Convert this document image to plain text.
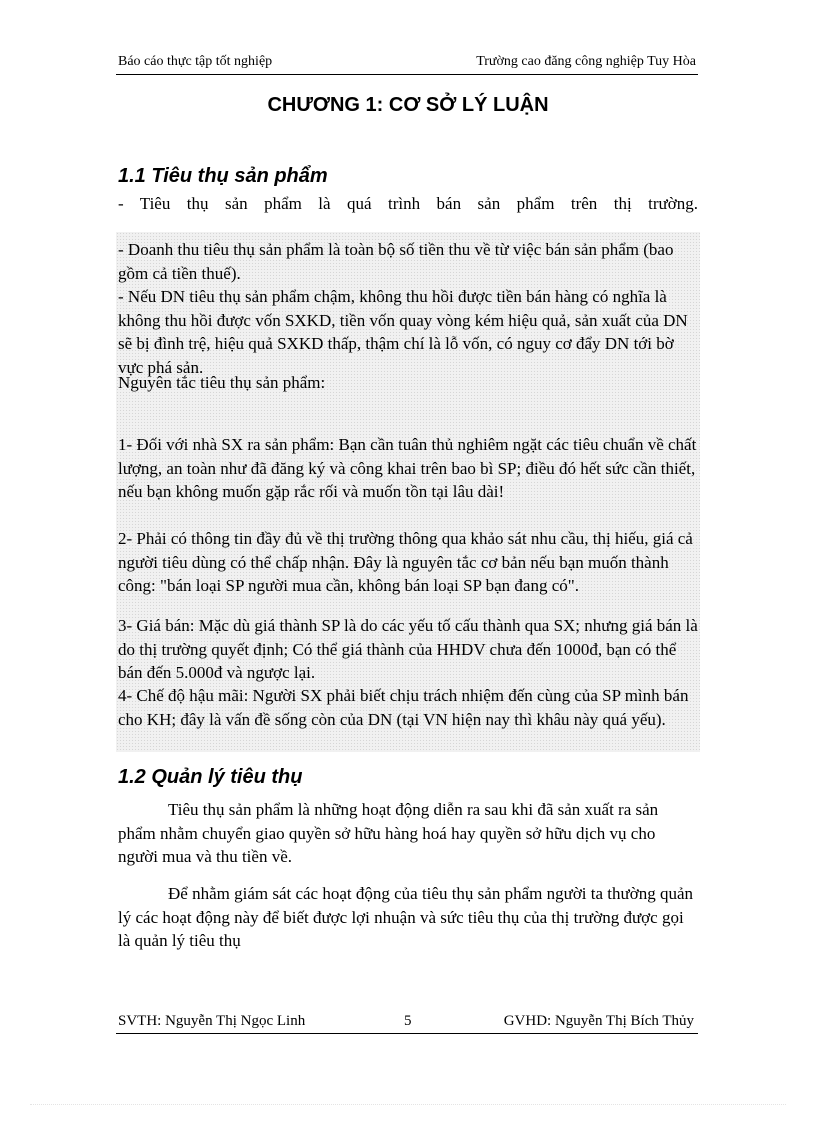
Báo cáo thực tập tốt nghiệp	Trường cao đăng công nghiệp Tuy Hòa
CHƯƠNG 1: CƠ SỞ LÝ LUẬN
1.1 Tiêu thụ sản phẩm
- Tiêu thụ sản phẩm là quá trình bán sản phẩm trên thị trường.
- Doanh thu tiêu thụ sản phẩm là toàn bộ số tiền thu về từ việc bán sản phẩm (bao gồm cả tiền thuế).
- Nếu DN tiêu thụ sản phẩm chậm, không thu hồi được tiền bán hàng có nghĩa là không thu hồi được vốn SXKD, tiền vốn quay vòng kém hiệu quả, sản xuất của DN sẽ bị đình trệ, hiệu quả SXKD thấp, thậm chí là lỗ vốn, có nguy cơ đẩy DN tới bờ vực phá sản.
Nguyên tắc tiêu thụ sản phẩm:
1- Đối với nhà SX ra sản phẩm: Bạn cần tuân thủ nghiêm ngặt các tiêu chuẩn về chất lượng, an toàn như đã đăng ký và công khai trên bao bì SP; điều đó hết sức cần thiết, nếu bạn không muốn gặp rắc rối và muốn tồn tại lâu dài!
2- Phải có thông tin đầy đủ về thị trường thông qua khảo sát nhu cầu, thị hiếu, giá cả người tiêu dùng có thể chấp nhận. Đây là nguyên tắc cơ bản nếu bạn muốn thành công: "bán loại SP người mua cần, không bán loại SP bạn đang có".
3- Giá bán: Mặc dù giá thành SP là do các yếu tố cấu thành qua SX; nhưng giá bán là do thị trường quyết định; Có thể giá thành của HHDV chưa đến 1000đ, bạn có thể bán đến 5.000đ và ngược lại.
4- Chế độ hậu mãi: Người SX phải biết chịu trách nhiệm đến cùng của SP mình bán cho KH; đây là vấn đề sống còn của DN (tại VN hiện nay thì khâu này quá yếu).
1.2 Quản lý tiêu thụ
Tiêu thụ sản phẩm là những hoạt động diễn ra sau khi đã sản xuất ra sản phẩm nhằm chuyển giao quyền sở hữu hàng hoá hay quyền sở hữu dịch vụ cho người mua và thu tiền về.
Để nhằm giám sát các hoạt động của tiêu thụ sản phẩm người ta thường quản lý các hoạt động này để biết được lợi nhuận và sức tiêu thụ của thị trường được gọi là quản lý tiêu thụ
SVTH: Nguyễn Thị Ngọc Linh	5	GVHD: Nguyễn Thị Bích Thủy
